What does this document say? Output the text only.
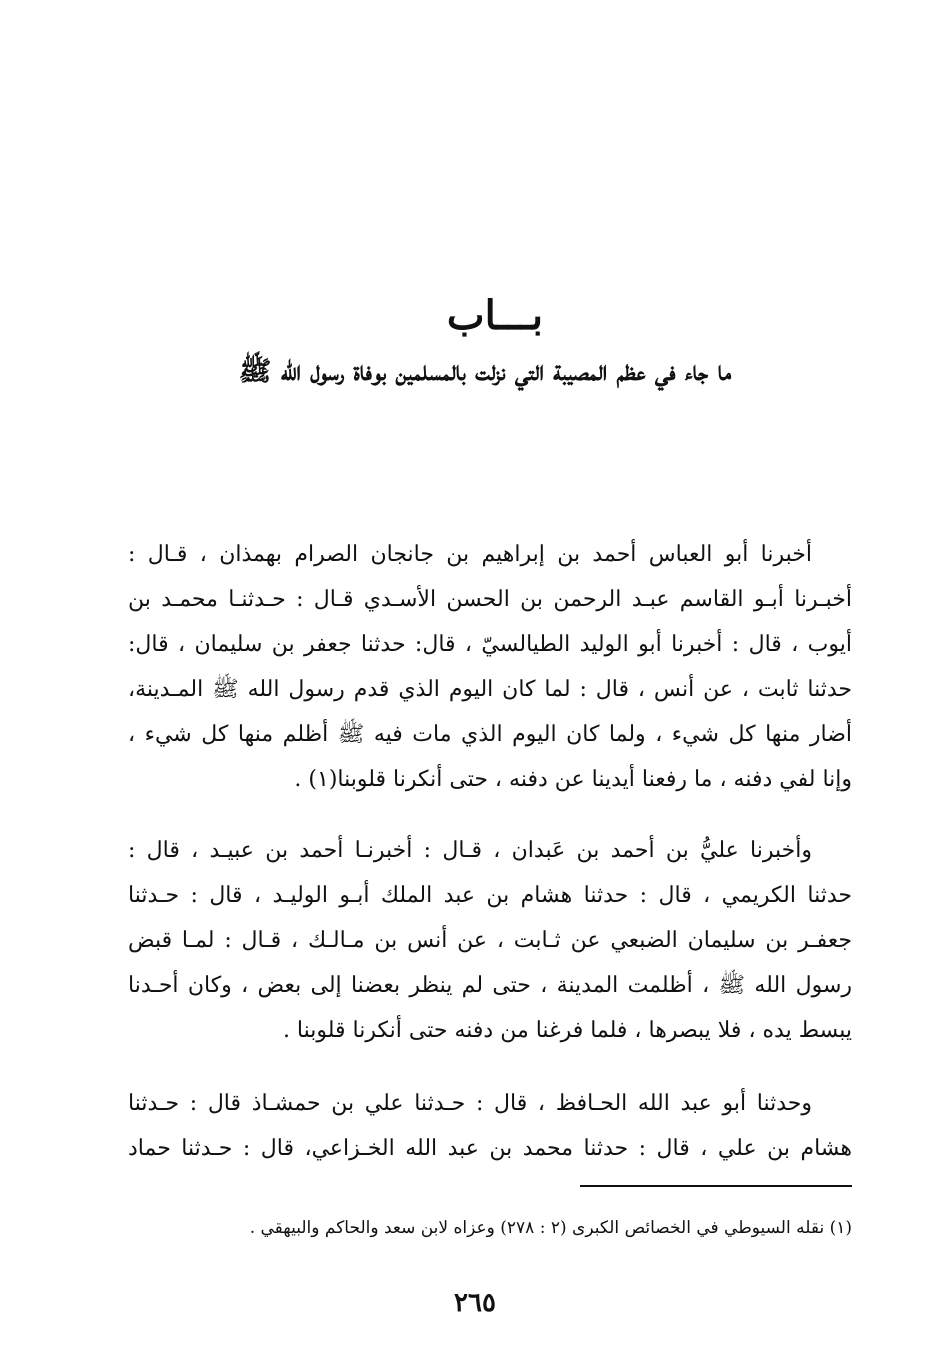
بـــاب
ما جاء في عظم المصيبة التي نزلت بالمسلمين بوفاة رسول الله ﷺ
أخبرنا أبو العباس أحمد بن إبراهيم بن جانجان الصرام بهمذان ، قـال :
أخبـرنا أبـو القاسم عبـد الرحمن بن الحسن الأسـدي قـال : حـدثنـا محمـد بن
أيوب ، قال : أخبرنا أبو الوليد الطيالسيّ ، قال: حدثنا جعفر بن سليمان ، قال:
حدثنا ثابت ، عن أنس ، قال : لما كان اليوم الذي قدم رسول الله ﷺ المـدينة،
أضار منها كل شيء ، ولما كان اليوم الذي مات فيه ﷺ أظلم منها كل شيء ،
وإنا لفي دفنه ، ما رفعنا أيدينا عن دفنه ، حتى أنكرنا قلوبنا(١) .
وأخبرنا عليُّ بن أحمد بن عَبدان ، قـال : أخبرنـا أحمد بن عبيـد ، قال :
حدثنا الكريمي ، قال : حدثنا هشام بن عبد الملك أبـو الوليـد ، قال : حـدثنا
جعفـر بن سليمان الضبعي عن ثـابت ، عن أنس بن مـالـك ، قـال : لمـا قبض
رسول الله ﷺ ، أظلمت المدينة ، حتى لم ينظر بعضنا إلى بعض ، وكان أحـدنا
يبسط يده ، فلا يبصرها ، فلما فرغنا من دفنه حتى أنكرنا قلوبنا .
وحدثنا أبو عبد الله الحـافظ ، قال : حـدثنا علي بن حمشـاذ قال : حـدثنا
هشام بن علي ، قال : حدثنا محمد بن عبد الله الخـزاعي، قال : حـدثنا حماد

(١) نقله السيوطي في الخصائص الكبرى (٢ : ٢٧٨) وعزاه لابن سعد والحاكم والبيهقي .

٢٦٥
